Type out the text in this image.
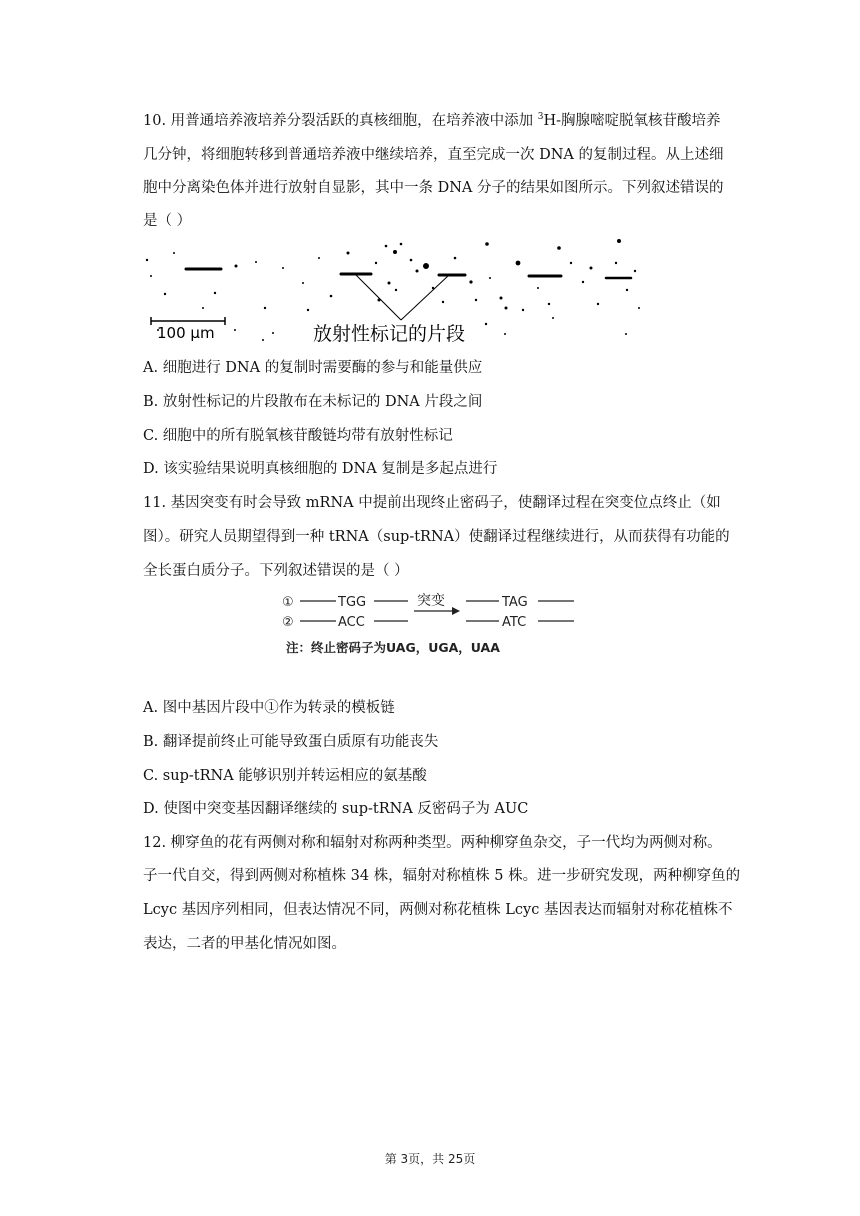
10. 用普通培养液培养分裂活跃的真核细胞，在培养液中添加 $^3$H-胸腺嘧啶脱氧核苷酸培养
几分钟，将细胞转移到普通培养液中继续培养，直至完成一次 DNA 的复制过程。从上述细
胞中分离染色体并进行放射自显影，其中一条 DNA 分子的结果如图所示。下列叙述错误的
是（ ）
100 μm	放射性标记的片段
A. 细胞进行 DNA 的复制时需要酶的参与和能量供应
B. 放射性标记的片段散布在未标记的 DNA 片段之间
C. 细胞中的所有脱氧核苷酸链均带有放射性标记
D. 该实验结果说明真核细胞的 DNA 复制是多起点进行
11. 基因突变有时会导致 mRNA 中提前出现终止密码子，使翻译过程在突变位点终止（如
图）。研究人员期望得到一种 tRNA（sup-tRNA）使翻译过程继续进行，从而获得有功能的
全长蛋白质分子。下列叙述错误的是（ ）
①
②
TGG
ACC
突变	TAG
ATC
注：终止密码子为UAG，UGA，UAA
A. 图中基因片段中①作为转录的模板链
B. 翻译提前终止可能导致蛋白质原有功能丧失
C. sup-tRNA 能够识别并转运相应的氨基酸
D. 使图中突变基因翻译继续的 sup-tRNA 反密码子为 AUC
12. 柳穿鱼的花有两侧对称和辐射对称两种类型。两种柳穿鱼杂交，子一代均为两侧对称。
子一代自交，得到两侧对称植株 34 株，辐射对称植株 5 株。进一步研究发现，两种柳穿鱼的
Lcyc 基因序列相同，但表达情况不同，两侧对称花植株 Lcyc 基因表达而辐射对称花植株不
表达，二者的甲基化情况如图。
第 3页，共 25页
